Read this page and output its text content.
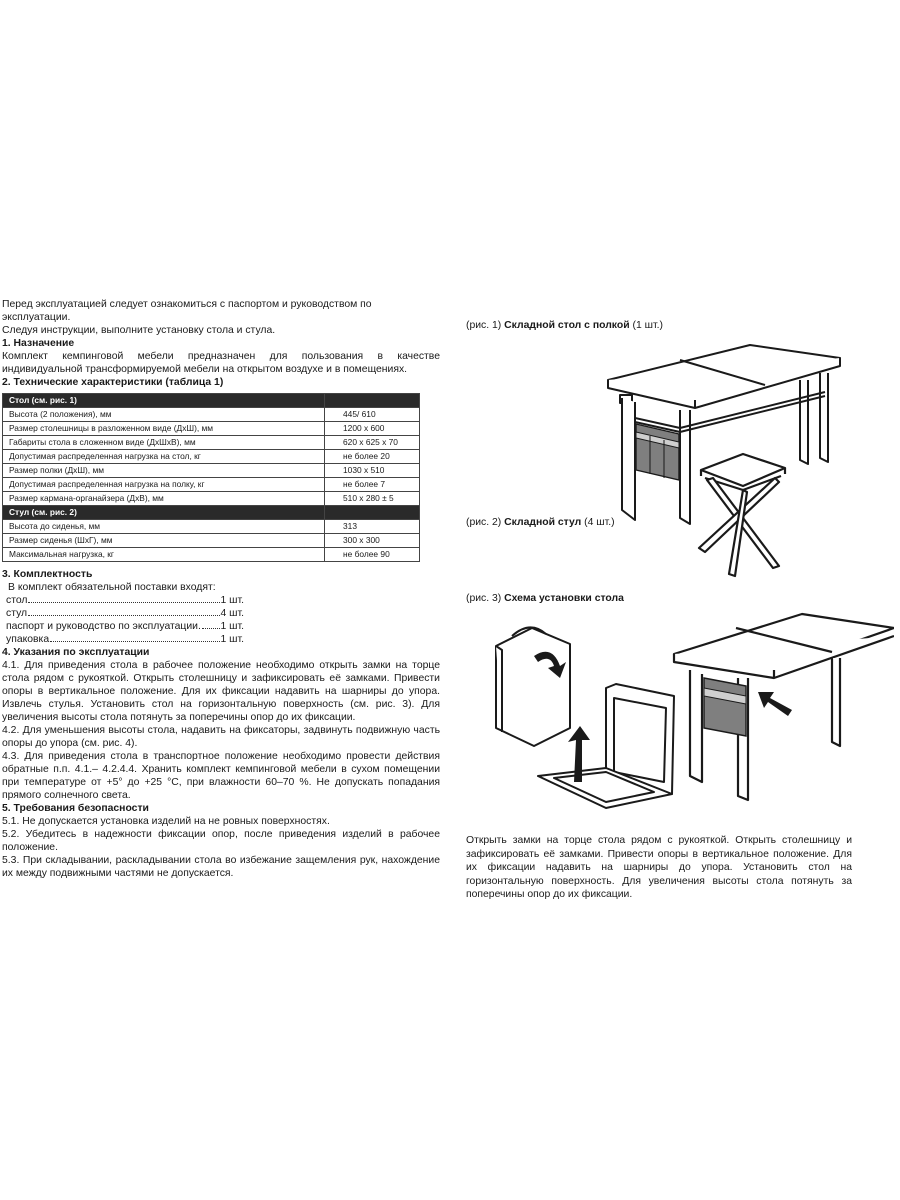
Перед эксплуатацией следует ознакомиться с паспортом и руководством по эксплуатации.

Следуя инструкции, выполните установку стола и стула.

1. Назначение

Комплект кемпинговой мебели предназначен для пользования в качестве индивидуальной трансформируемой мебели на открытом воздухе и в помещениях.

2. Технические характеристики (таблица 1)

Стол (см. рис. 1)	
Высота (2 положения), мм	445/ 610
Размер столешницы в разложенном виде (ДхШ), мм	1200 х 600
Габариты стола в сложенном виде (ДхШхВ), мм	620 х 625 х 70
Допустимая распределенная нагрузка на стол, кг	не более 20
Размер полки (ДхШ), мм	1030 х 510
Допустимая распределенная нагрузка на полку, кг	не более 7
Размер кармана-органайзера (ДхВ), мм	510 х 280 ± 5
Стул (см. рис. 2)	
Высота до сиденья, мм	313
Размер сиденья (ШхГ), мм	300 х 300
Максимальная нагрузка, кг	не более 90

3. Комплектность

В комплект обязательной поставки входят:
стол	1 шт.
стул	4 шт.
паспорт и руководство по эксплуатации. 1 шт.
упаковка	1 шт.

4. Указания по эксплуатации

4.1. Для приведения стола в рабочее положение необходимо открыть замки на торце стола рядом с рукояткой. Открыть столешницу и зафиксировать её замками. Привести опоры в вертикальное положение. Для их фиксации надавить на шарниры до упора. Извлечь стулья. Установить стол на горизонтальную поверхность (см. рис. 3). Для увеличения высоты стола потянуть за поперечины опор до их фиксации.

4.2. Для уменьшения высоты стола, надавить на фиксаторы, задвинуть подвижную часть опоры до упора (см. рис. 4).

4.3. Для приведения стола в транспортное положение необходимо провести действия обратные п.п. 4.1.– 4.2.4.4. Хранить комплект кемпинговой мебели в сухом помещении при температуре от +5° до +25 °C, при влажности 60–70 %. Не допускать попадания прямого солнечного света.

5. Требования безопасности

5.1. Не допускается установка изделий на не ровных поверхностях.

5.2. Убедитесь в надежности фиксации опор, после приведения изделий в рабочее положение.

5.3. При складывании, раскладывании стола во избежание защемления рук, нахождение их между подвижными частями не допускается.

(рис. 1) Складной стол с полкой (1 шт.)
(рис. 2) Складной стул (4 шт.)
(рис. 3) Схема установки стола
Открыть замки на торце стола рядом с рукояткой. Открыть столешницу и зафиксировать её замками. Привести опоры в вертикальное положение. Для их фиксации надавить на шарниры до упора. Установить стол на горизонтальную поверхность. Для увеличения высоты стола потянуть за поперечины опор до их фиксации.
